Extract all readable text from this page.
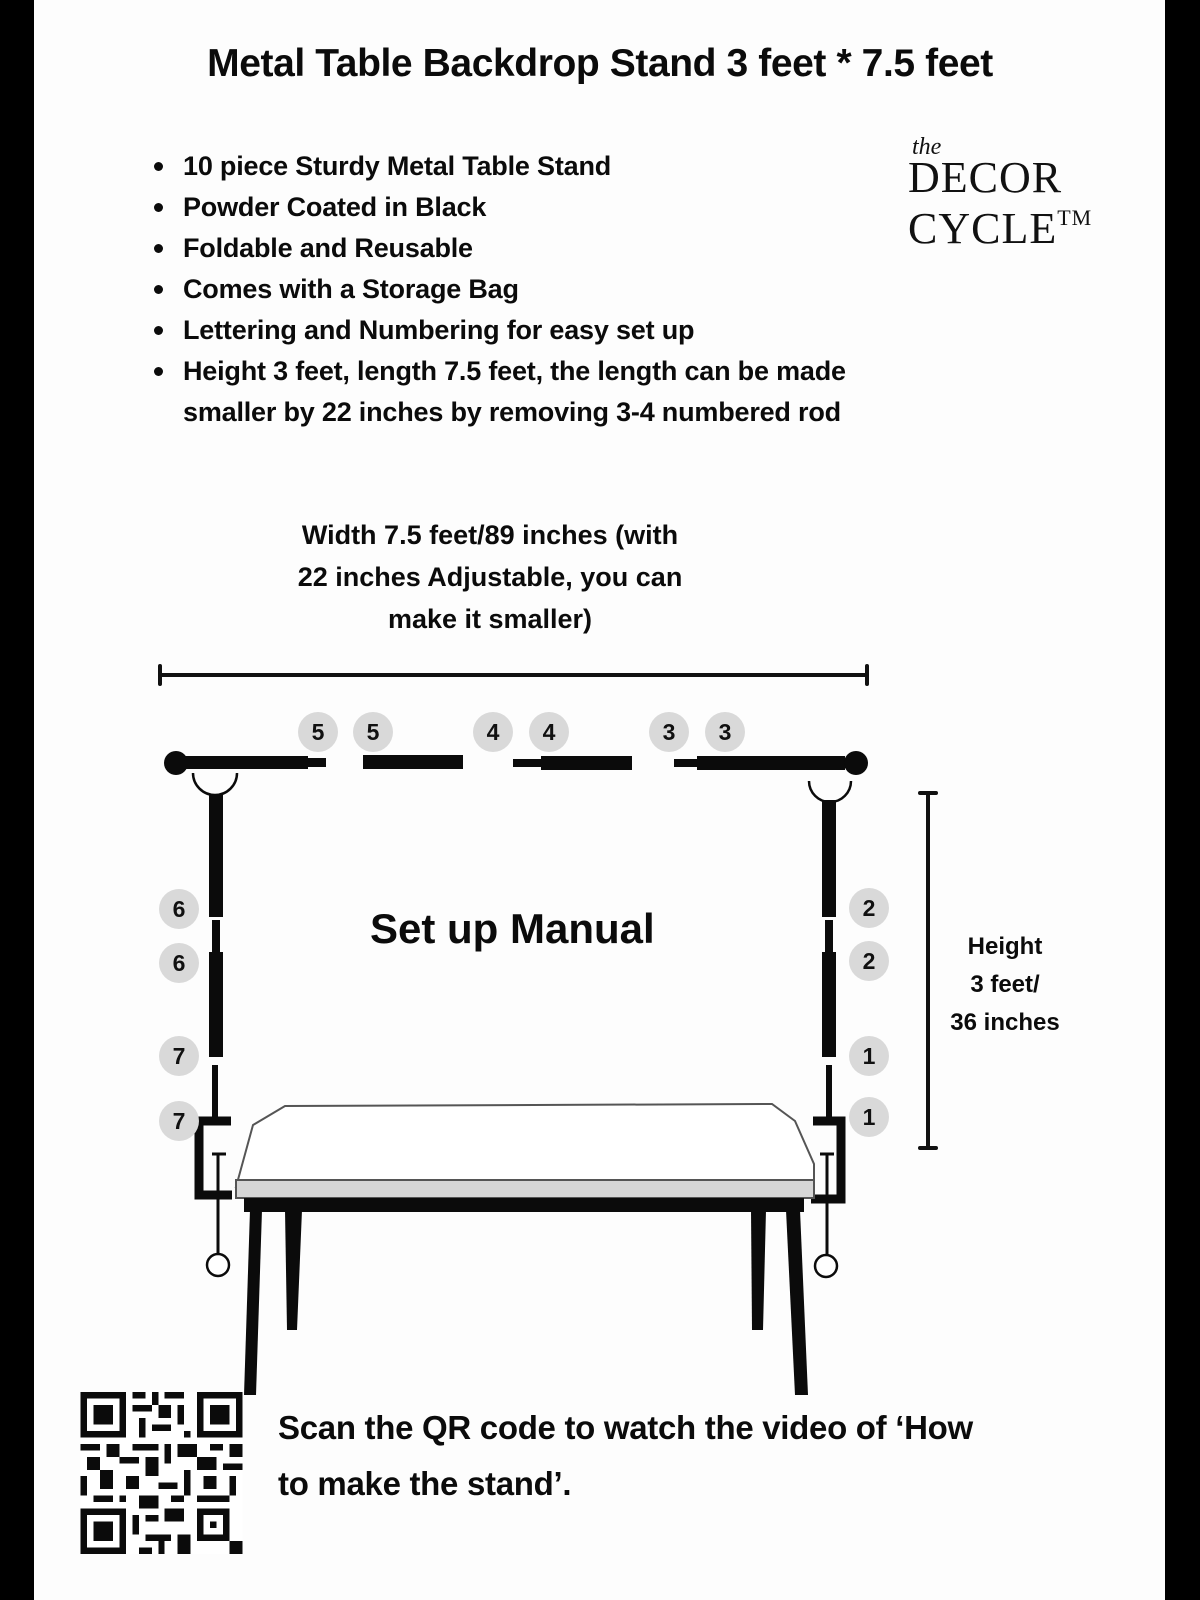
Metal Table Backdrop Stand 3 feet * 7.5 feet
10 piece Sturdy Metal Table Stand
Powder Coated in Black
Foldable and Reusable
Comes with a Storage Bag
Lettering and Numbering for easy set up
Height 3 feet, length 7.5 feet, the length can be made
smaller by 22 inches by removing 3-4 numbered rod
the
DECOR
CYCLE™
Width 7.5 feet/89 inches (with
22 inches Adjustable, you can
make it smaller)
5	5	4	4	3	3
6
6
7
7
2
2
1
1
Set up Manual	Height
3 feet/
36 inches
Scan the QR code to watch the video of ‘How
to make the stand’.
